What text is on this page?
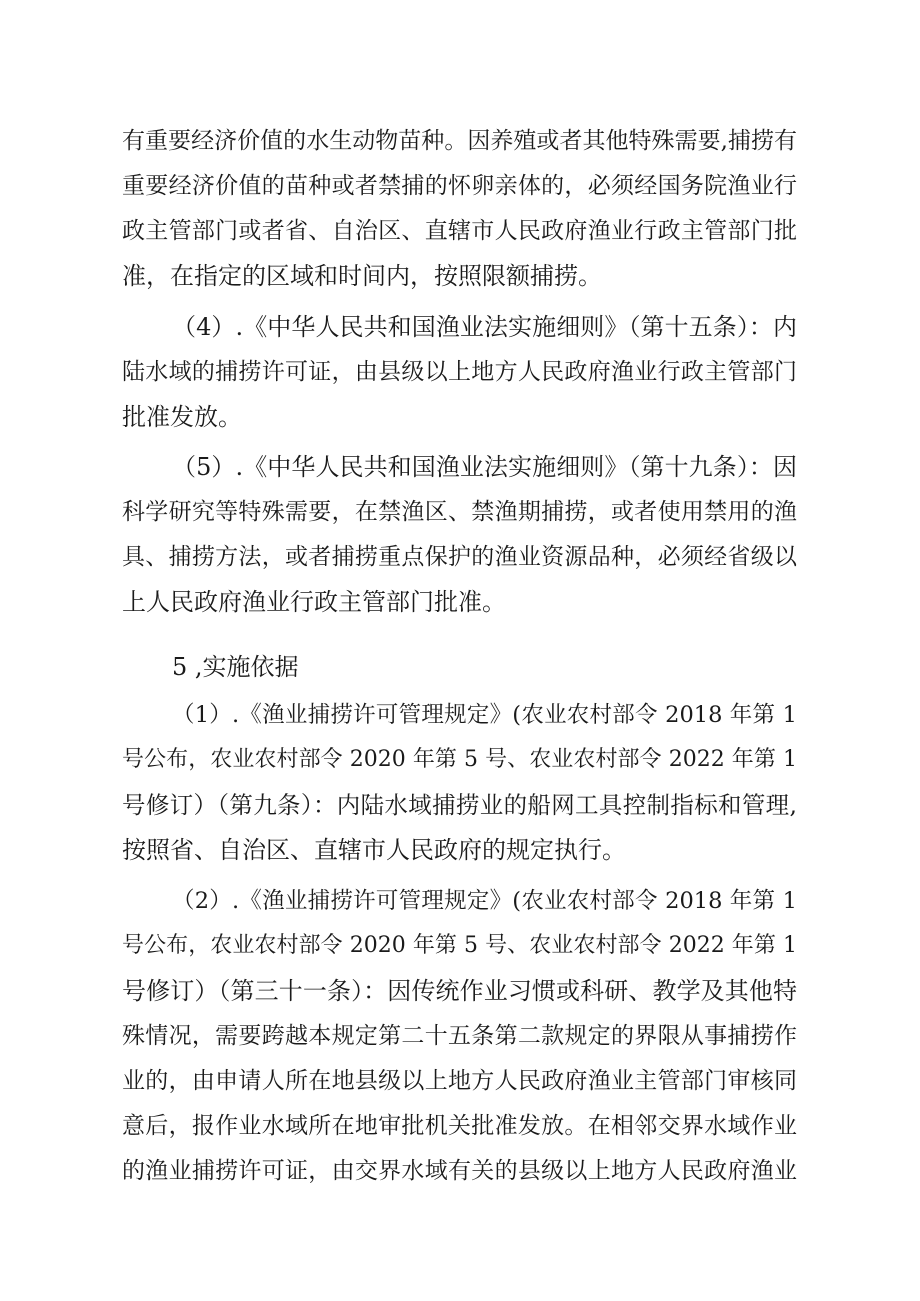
有重要经济价值的水生动物苗种。因养殖或者其他特殊需要,捕捞有
重要经济价值的苗种或者禁捕的怀卵亲体的，必须经国务院渔业行
政主管部门或者省、自治区、直辖市人民政府渔业行政主管部门批
准，在指定的区域和时间内，按照限额捕捞。
（4）.《中华人民共和国渔业法实施细则》（第十五条）：内
陆水域的捕捞许可证，由县级以上地方人民政府渔业行政主管部门
批准发放。
（5）.《中华人民共和国渔业法实施细则》（第十九条）：因
科学研究等特殊需要，在禁渔区、禁渔期捕捞，或者使用禁用的渔
具、捕捞方法，或者捕捞重点保护的渔业资源品种，必须经省级以
上人民政府渔业行政主管部门批准。
5 ,实施依据
（1）.《渔业捕捞许可管理规定》(农业农村部令 2018 年第 1
号公布，农业农村部令 2020 年第 5 号、农业农村部令 2022 年第 1
号修订）（第九条）：内陆水域捕捞业的船网工具控制指标和管理,
按照省、自治区、直辖市人民政府的规定执行。
（2）.《渔业捕捞许可管理规定》(农业农村部令 2018 年第 1
号公布，农业农村部令 2020 年第 5 号、农业农村部令 2022 年第 1
号修订）（第三十一条）：因传统作业习惯或科研、教学及其他特
殊情况，需要跨越本规定第二十五条第二款规定的界限从事捕捞作
业的，由申请人所在地县级以上地方人民政府渔业主管部门审核同
意后，报作业水域所在地审批机关批准发放。在相邻交界水域作业
的渔业捕捞许可证，由交界水域有关的县级以上地方人民政府渔业
